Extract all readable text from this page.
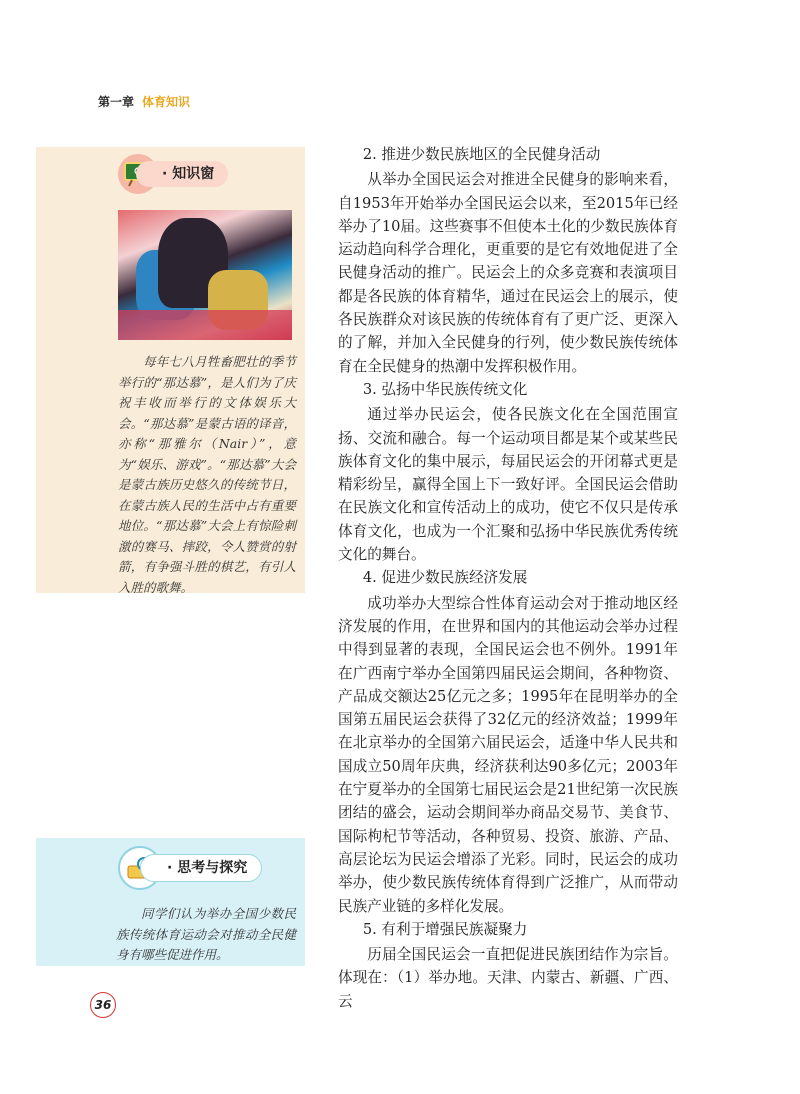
第一章 体育知识
· 知识窗
每年七八月牲畜肥壮的季节举行的“那达慕”，是人们为了庆祝丰收而举行的文体娱乐大会。“那达慕”是蒙古语的译音，亦称“那雅尔（Nair）”，意为“娱乐、游戏”。“那达慕”大会是蒙古族历史悠久的传统节日，在蒙古族人民的生活中占有重要地位。“那达慕”大会上有惊险刺激的赛马、摔跤，令人赞赏的射箭，有争强斗胜的棋艺，有引人入胜的歌舞。
· 思考与探究
同学们认为举办全国少数民族传统体育运动会对推动全民健身有哪些促进作用。
2. 推进少数民族地区的全民健身活动

从举办全国民运会对推进全民健身的影响来看，自1953年开始举办全国民运会以来，至2015年已经举办了10届。这些赛事不但使本土化的少数民族体育运动趋向科学合理化，更重要的是它有效地促进了全民健身活动的推广。民运会上的众多竞赛和表演项目都是各民族的体育精华，通过在民运会上的展示，使各民族群众对该民族的传统体育有了更广泛、更深入的了解，并加入全民健身的行列，使少数民族传统体育在全民健身的热潮中发挥积极作用。

3. 弘扬中华民族传统文化

通过举办民运会，使各民族文化在全国范围宣扬、交流和融合。每一个运动项目都是某个或某些民族体育文化的集中展示，每届民运会的开闭幕式更是精彩纷呈，赢得全国上下一致好评。全国民运会借助在民族文化和宣传活动上的成功，使它不仅只是传承体育文化，也成为一个汇聚和弘扬中华民族优秀传统文化的舞台。

4. 促进少数民族经济发展

成功举办大型综合性体育运动会对于推动地区经济发展的作用，在世界和国内的其他运动会举办过程中得到显著的表现，全国民运会也不例外。1991年在广西南宁举办全国第四届民运会期间，各种物资、产品成交额达25亿元之多；1995年在昆明举办的全国第五届民运会获得了32亿元的经济效益；1999年在北京举办的全国第六届民运会，适逢中华人民共和国成立50周年庆典，经济获利达90多亿元；2003年在宁夏举办的全国第七届民运会是21世纪第一次民族团结的盛会，运动会期间举办商品交易节、美食节、国际枸杞节等活动，各种贸易、投资、旅游、产品、高层论坛为民运会增添了光彩。同时，民运会的成功举办，使少数民族传统体育得到广泛推广，从而带动民族产业链的多样化发展。

5. 有利于增强民族凝聚力

历届全国民运会一直把促进民族团结作为宗旨。体现在：（1）举办地。天津、内蒙古、新疆、广西、云

36
